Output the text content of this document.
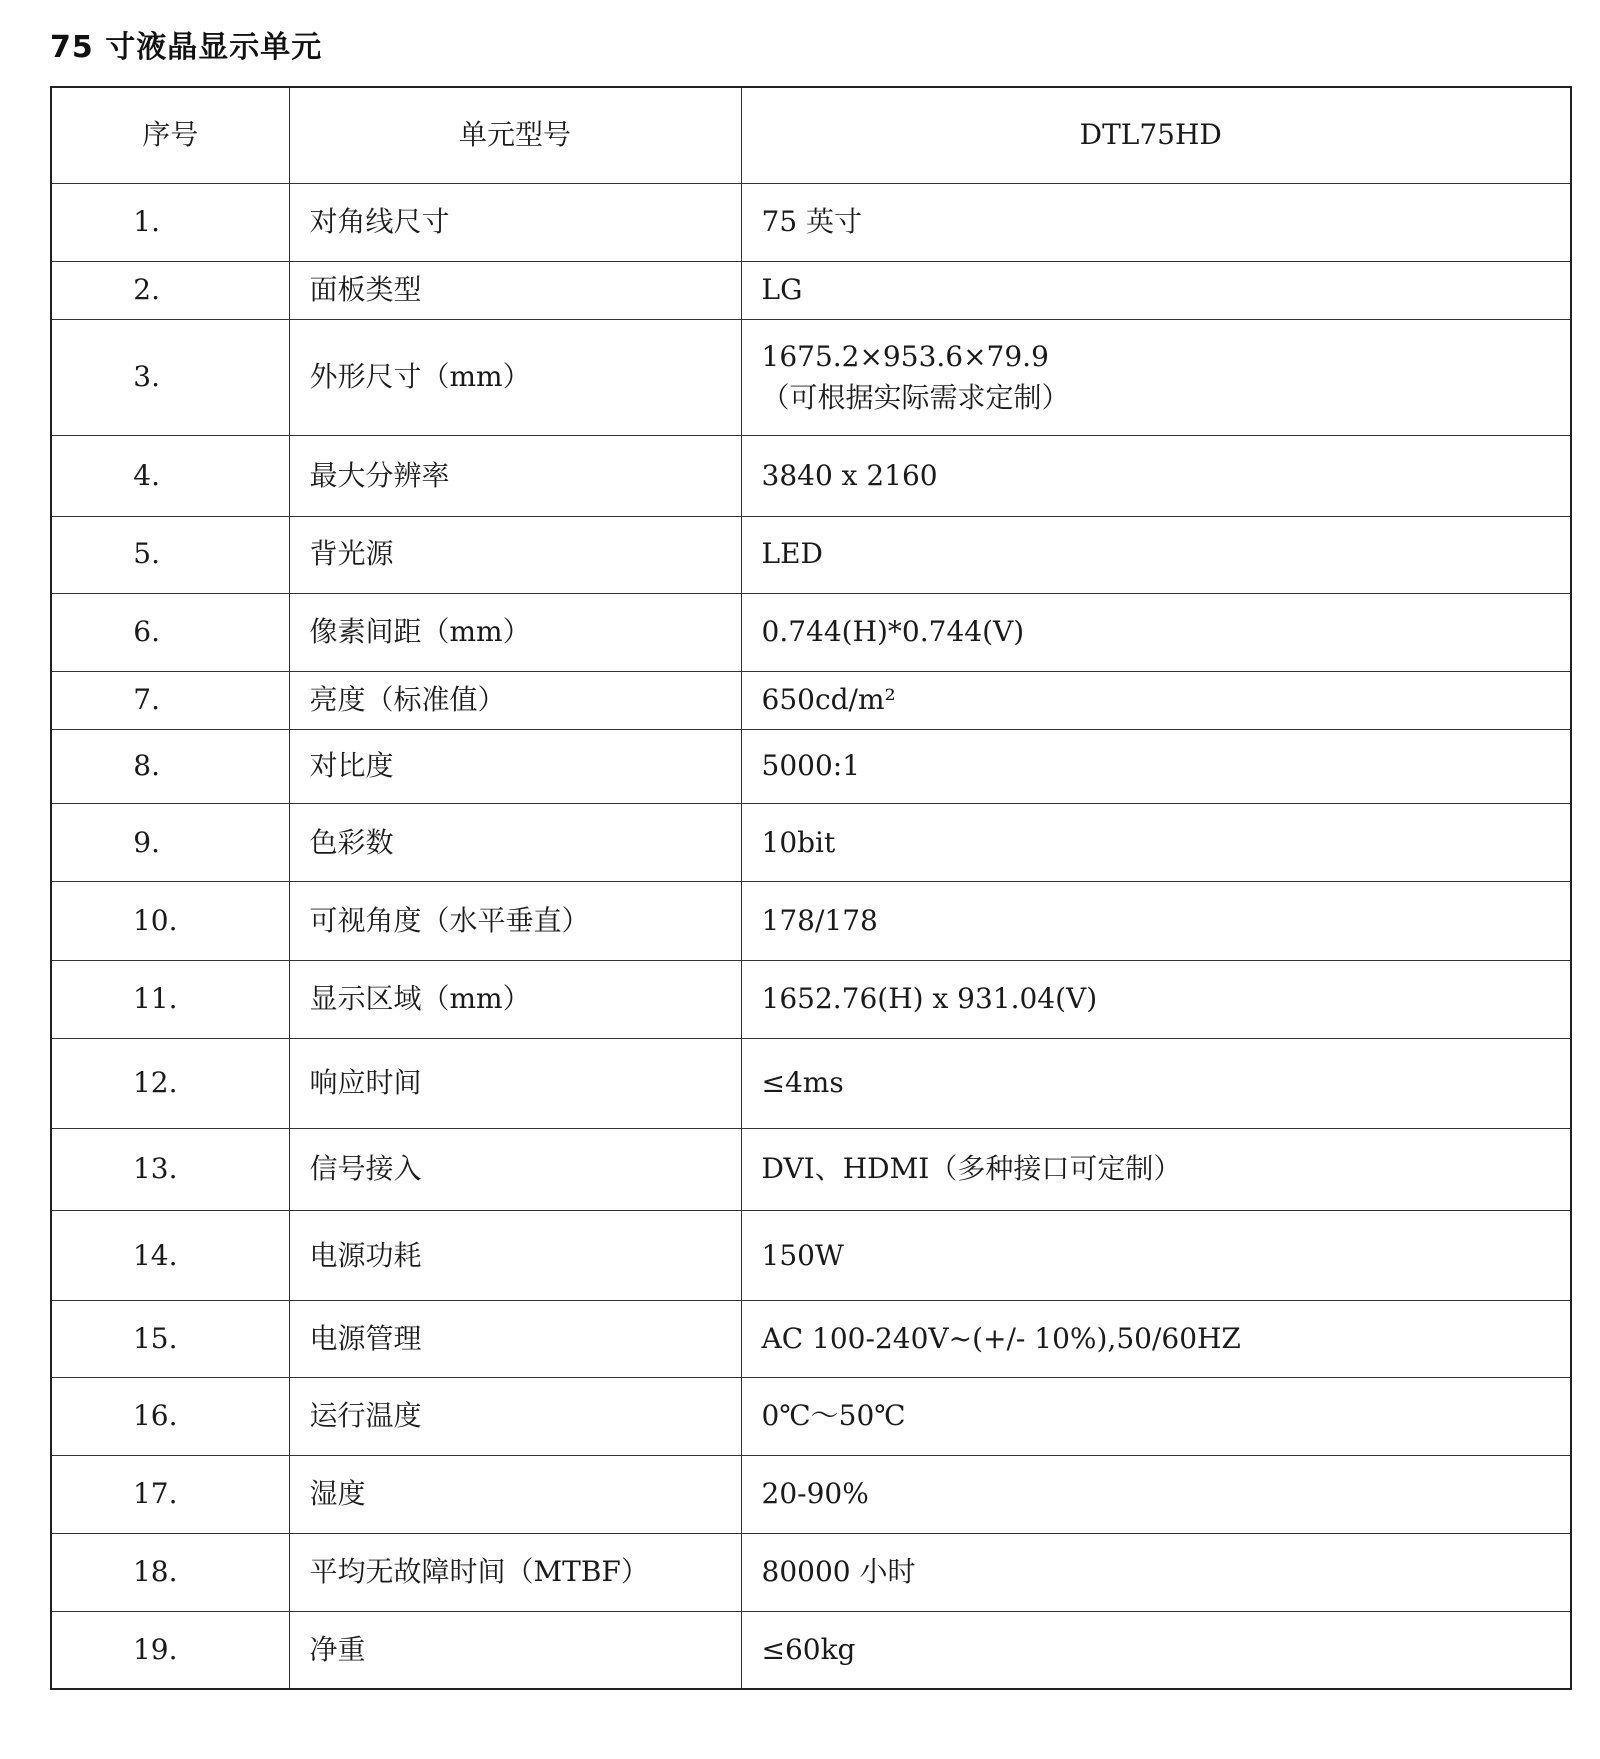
75 寸液晶显示单元
序号	单元型号	DTL75HD
1.	对角线尺寸	75 英寸
2.	面板类型	LG
3.	外形尺寸（mm）	1675.2×953.6×79.9
（可根据实际需求定制）

4.	最大分辨率	3840 x 2160
5.	背光源	LED
6.	像素间距（mm）	0.744(H)*0.744(V)
7.	亮度（标准值）	650cd/m²
8.	对比度	5000:1
9.	色彩数	10bit
10.	可视角度（水平垂直）	178/178
11.	显示区域（mm）	1652.76(H) x 931.04(V)
12.	响应时间	≤4ms
13.	信号接入	DVI、HDMI（多种接口可定制）
14.	电源功耗	150W
15.	电源管理	AC 100-240V~(+/- 10%),50/60HZ
16.	运行温度	0℃～50℃
17.	湿度	20-90%
18.	平均无故障时间（MTBF）	80000 小时
19.	净重	≤60kg
